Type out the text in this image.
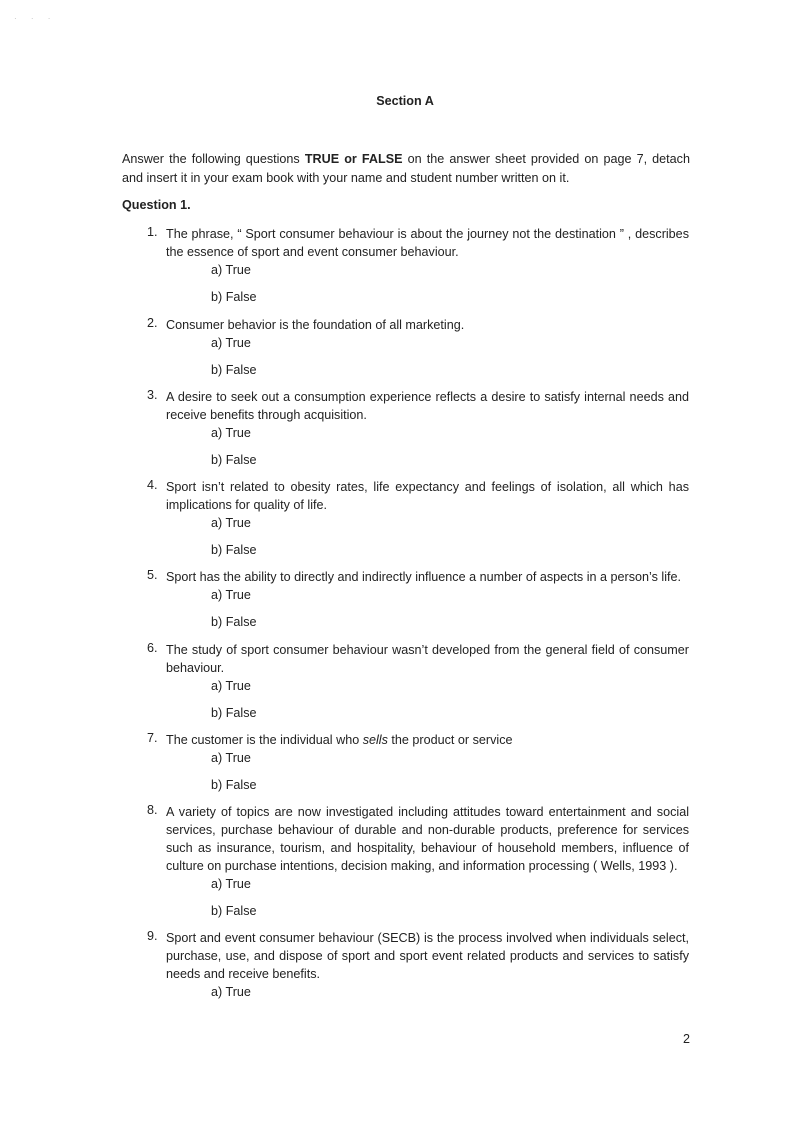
· · ·
Section A
Answer the following questions TRUE or FALSE on the answer sheet provided on page 7, detach and insert it in your exam book with your name and student number written on it.
Question 1.
1. The phrase, “ Sport consumer behaviour is about the journey not the destination ” , describes the essence of sport and event consumer behaviour.
a) True
b) False
2. Consumer behavior is the foundation of all marketing.
a) True
b) False
3. A desire to seek out a consumption experience reflects a desire to satisfy internal needs and receive benefits through acquisition.
a) True
b) False
4. Sport isn’t related to obesity rates, life expectancy and feelings of isolation, all which has implications for quality of life.
a) True
b) False
5. Sport has the ability to directly and indirectly influence a number of aspects in a person’s life.
a) True
b) False
6. The study of sport consumer behaviour wasn’t developed from the general field of consumer behaviour.
a) True
b) False
7. The customer is the individual who sells the product or service
a) True
b) False
8. A variety of topics are now investigated including attitudes toward entertainment and social services, purchase behaviour of durable and non-durable products, preference for services such as insurance, tourism, and hospitality, behaviour of household members, influence of culture on purchase intentions, decision making, and information processing ( Wells, 1993 ).
a) True
b) False
9. Sport and event consumer behaviour (SECB) is the process involved when individuals select, purchase, use, and dispose of sport and sport event related products and services to satisfy needs and receive benefits.
a) True
2
